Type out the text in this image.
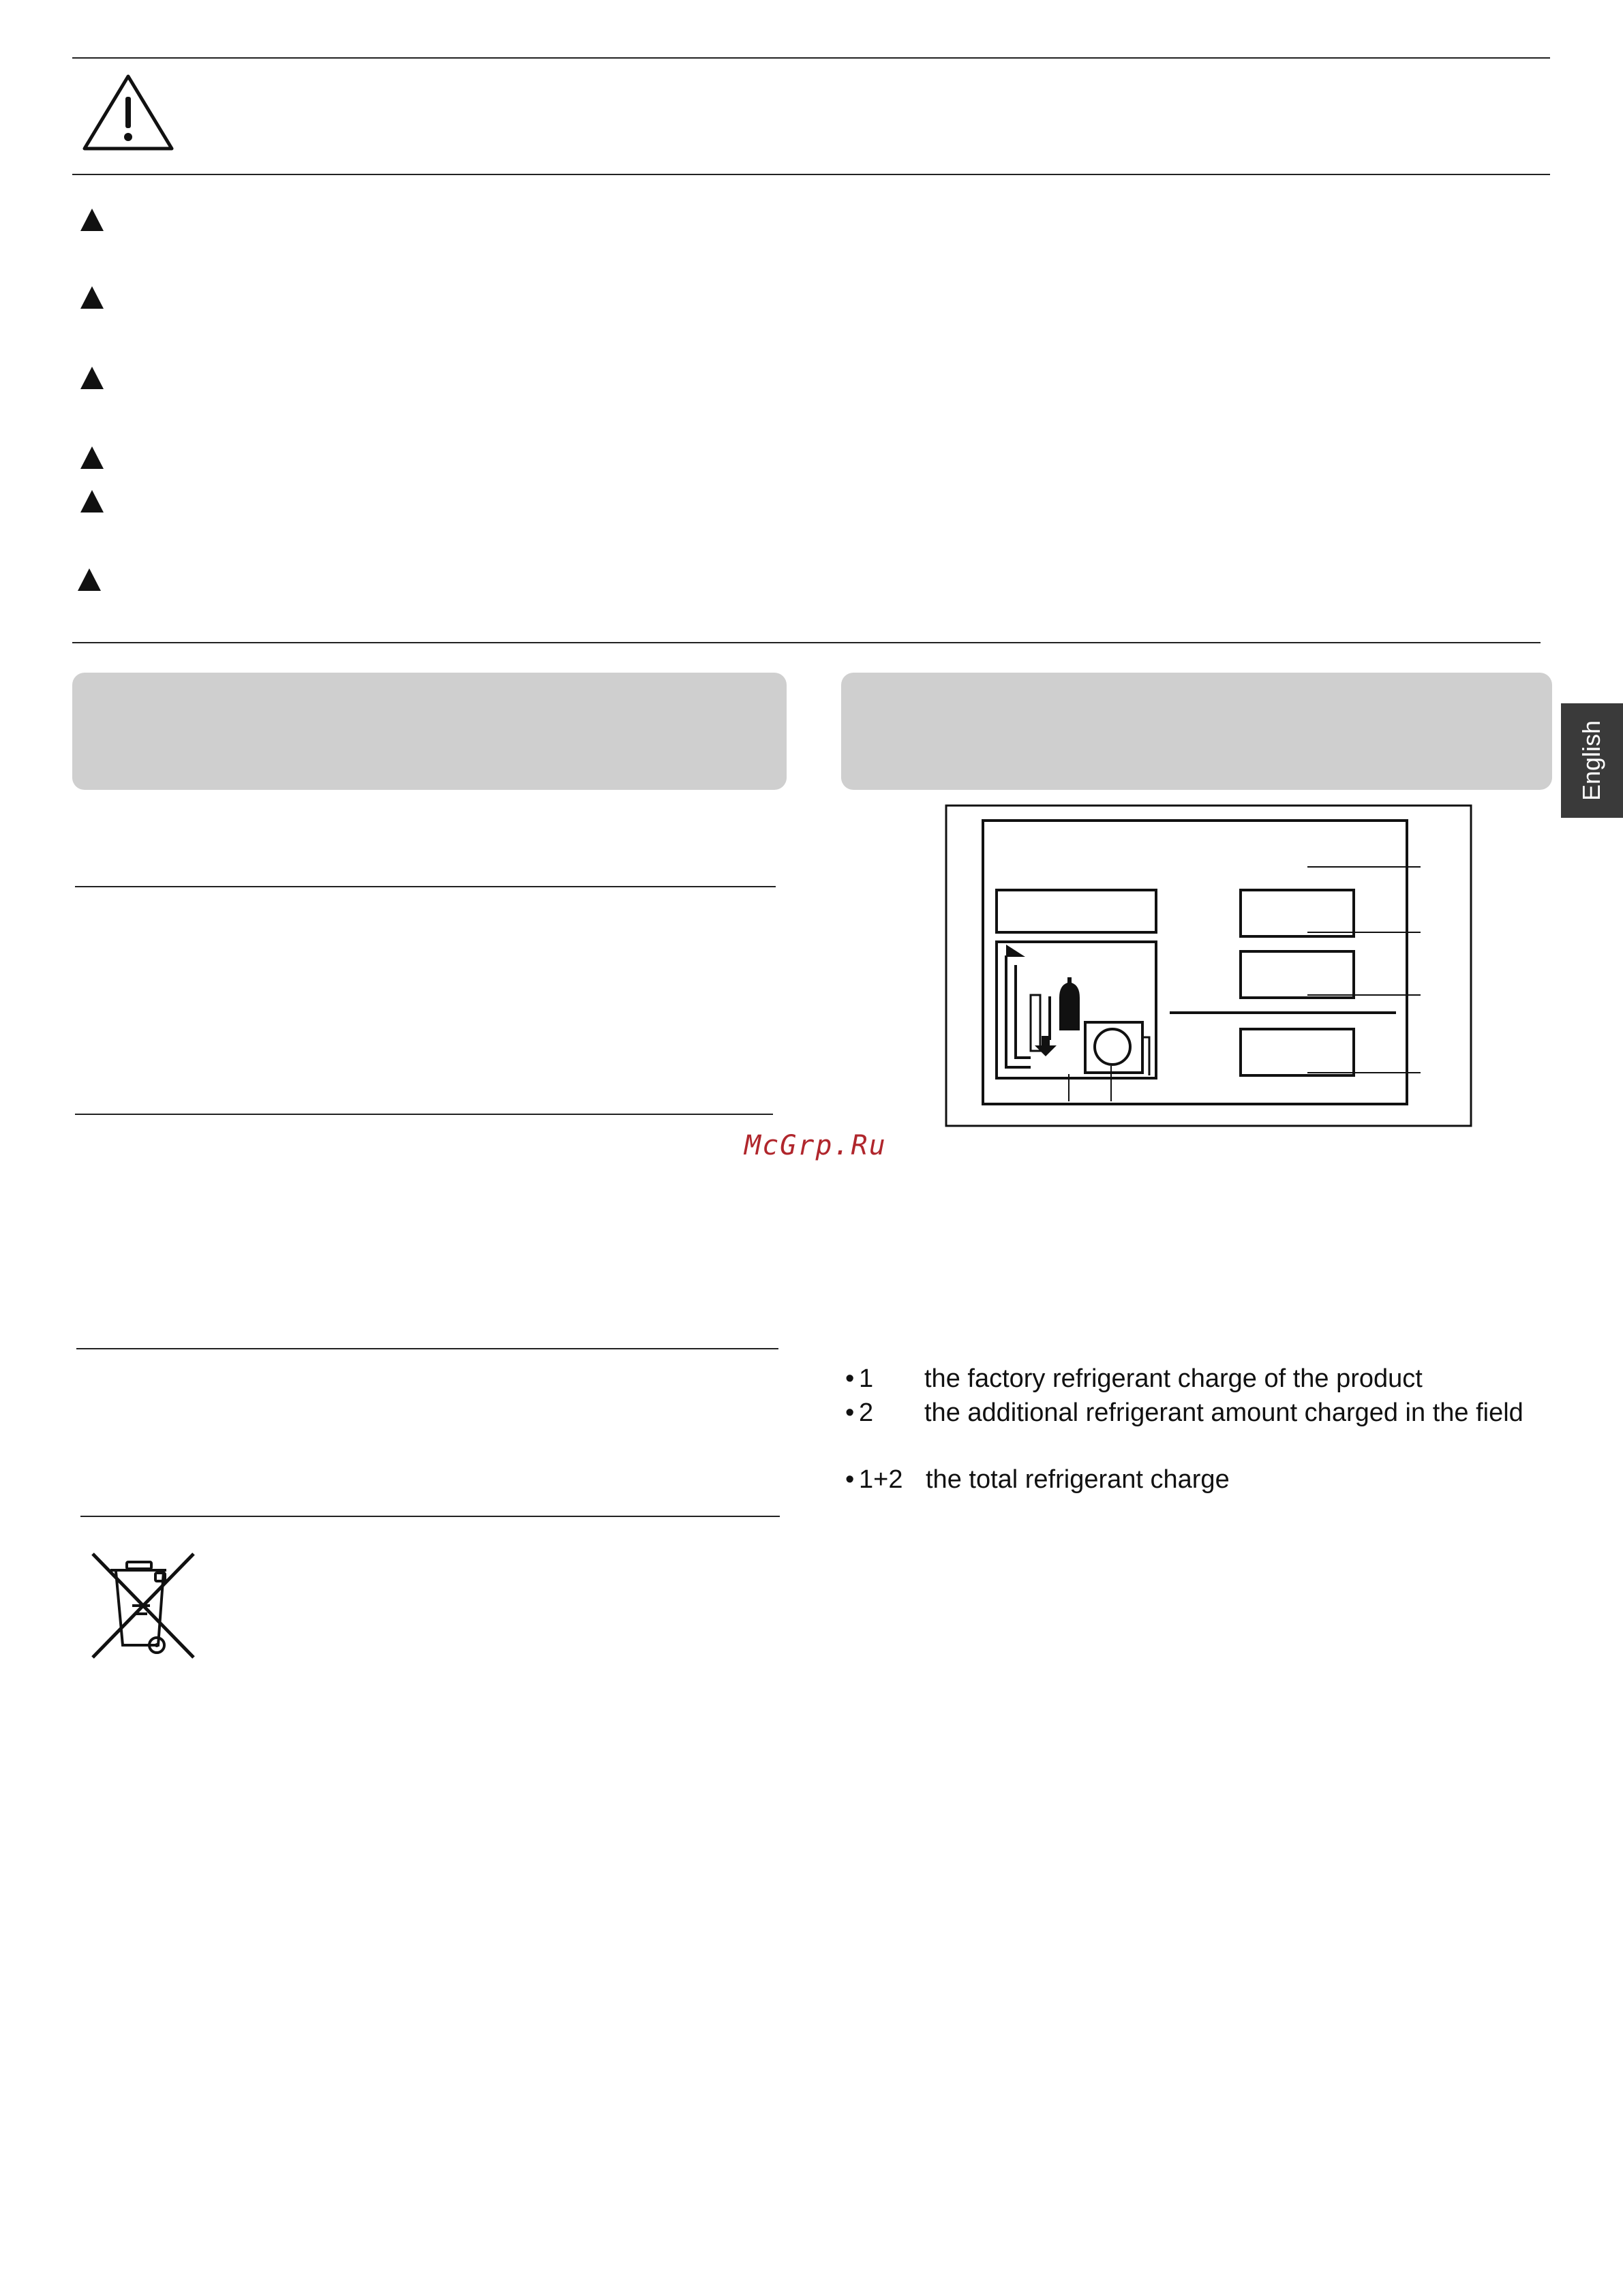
English
McGrp.Ru
• 1 the factory refrigerant charge of the product
• 2 the additional refrigerant amount charged in the field
• 1+2 the total refrigerant charge
